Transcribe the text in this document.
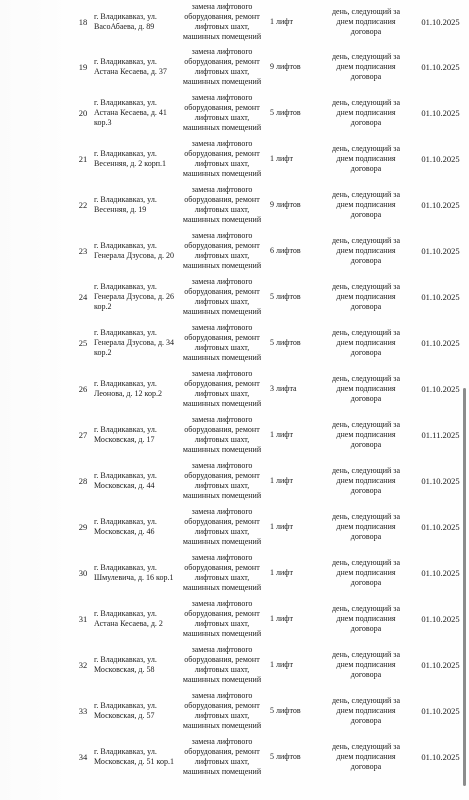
18	г. Владикавказ, ул. ВасоАбаева, д. 89	замена лифтового оборудования, ремонт лифтовых шахт, машинных помещений	1 лифт	день, следующий за днем подписания договора	01.10.2025
19	г. Владикавказ, ул. Астана Кесаева, д. 37	замена лифтового оборудования, ремонт лифтовых шахт, машинных помещений	9 лифтов	день, следующий за днем подписания договора	01.10.2025
20	г. Владикавказ, ул. Астана Кесаева, д. 41 кор.3	замена лифтового оборудования, ремонт лифтовых шахт, машинных помещений	5 лифтов	день, следующий за днем подписания договора	01.10.2025
21	г. Владикавказ, ул. Весенняя, д. 2 корп.1	замена лифтового оборудования, ремонт лифтовых шахт, машинных помещений	1 лифт	день, следующий за днем подписания договора	01.10.2025
22	г. Владикавказ, ул. Весенняя, д. 19	замена лифтового оборудования, ремонт лифтовых шахт, машинных помещений	9 лифтов	день, следующий за днем подписания договора	01.10.2025
23	г. Владикавказ, ул. Генерала Дзусова, д. 20	замена лифтового оборудования, ремонт лифтовых шахт, машинных помещений	6 лифтов	день, следующий за днем подписания договора	01.10.2025
24	г. Владикавказ, ул. Генерала Дзусова, д. 26 кор.2	замена лифтового оборудования, ремонт лифтовых шахт, машинных помещений	5 лифтов	день, следующий за днем подписания договора	01.10.2025
25	г. Владикавказ, ул. Генерала Дзусова, д. 34 кор.2	замена лифтового оборудования, ремонт лифтовых шахт, машинных помещений	5 лифтов	день, следующий за днем подписания договора	01.10.2025
26	г. Владикавказ, ул. Леонова, д. 12 кор.2	замена лифтового оборудования, ремонт лифтовых шахт, машинных помещений	3 лифта	день, следующий за днем подписания договора	01.10.2025
27	г. Владикавказ, ул. Московская, д. 17	замена лифтового оборудования, ремонт лифтовых шахт, машинных помещений	1 лифт	день, следующий за днем подписания договора	01.11.2025
28	г. Владикавказ, ул. Московская, д. 44	замена лифтового оборудования, ремонт лифтовых шахт, машинных помещений	1 лифт	день, следующий за днем подписания договора	01.10.2025
29	г. Владикавказ, ул. Московская, д. 46	замена лифтового оборудования, ремонт лифтовых шахт, машинных помещений	1 лифт	день, следующий за днем подписания договора	01.10.2025
30	г. Владикавказ, ул. Шмулевича, д. 16 кор.1	замена лифтового оборудования, ремонт лифтовых шахт, машинных помещений	1 лифт	день, следующий за днем подписания договора	01.10.2025
31	г. Владикавказ, ул. Астана Кесаева, д. 2	замена лифтового оборудования, ремонт лифтовых шахт, машинных помещений	1 лифт	день, следующий за днем подписания договора	01.10.2025
32	г. Владикавказ, ул. Московская, д. 58	замена лифтового оборудования, ремонт лифтовых шахт, машинных помещений	1 лифт	день, следующий за днем подписания договора	01.10.2025
33	г. Владикавказ, ул. Московская, д. 57	замена лифтового оборудования, ремонт лифтовых шахт, машинных помещений	5 лифтов	день, следующий за днем подписания договора	01.10.2025
34	г. Владикавказ, ул. Московская, д. 51 кор.1	замена лифтового оборудования, ремонт лифтовых шахт, машинных помещений	5 лифтов	день, следующий за днем подписания договора	01.10.2025
